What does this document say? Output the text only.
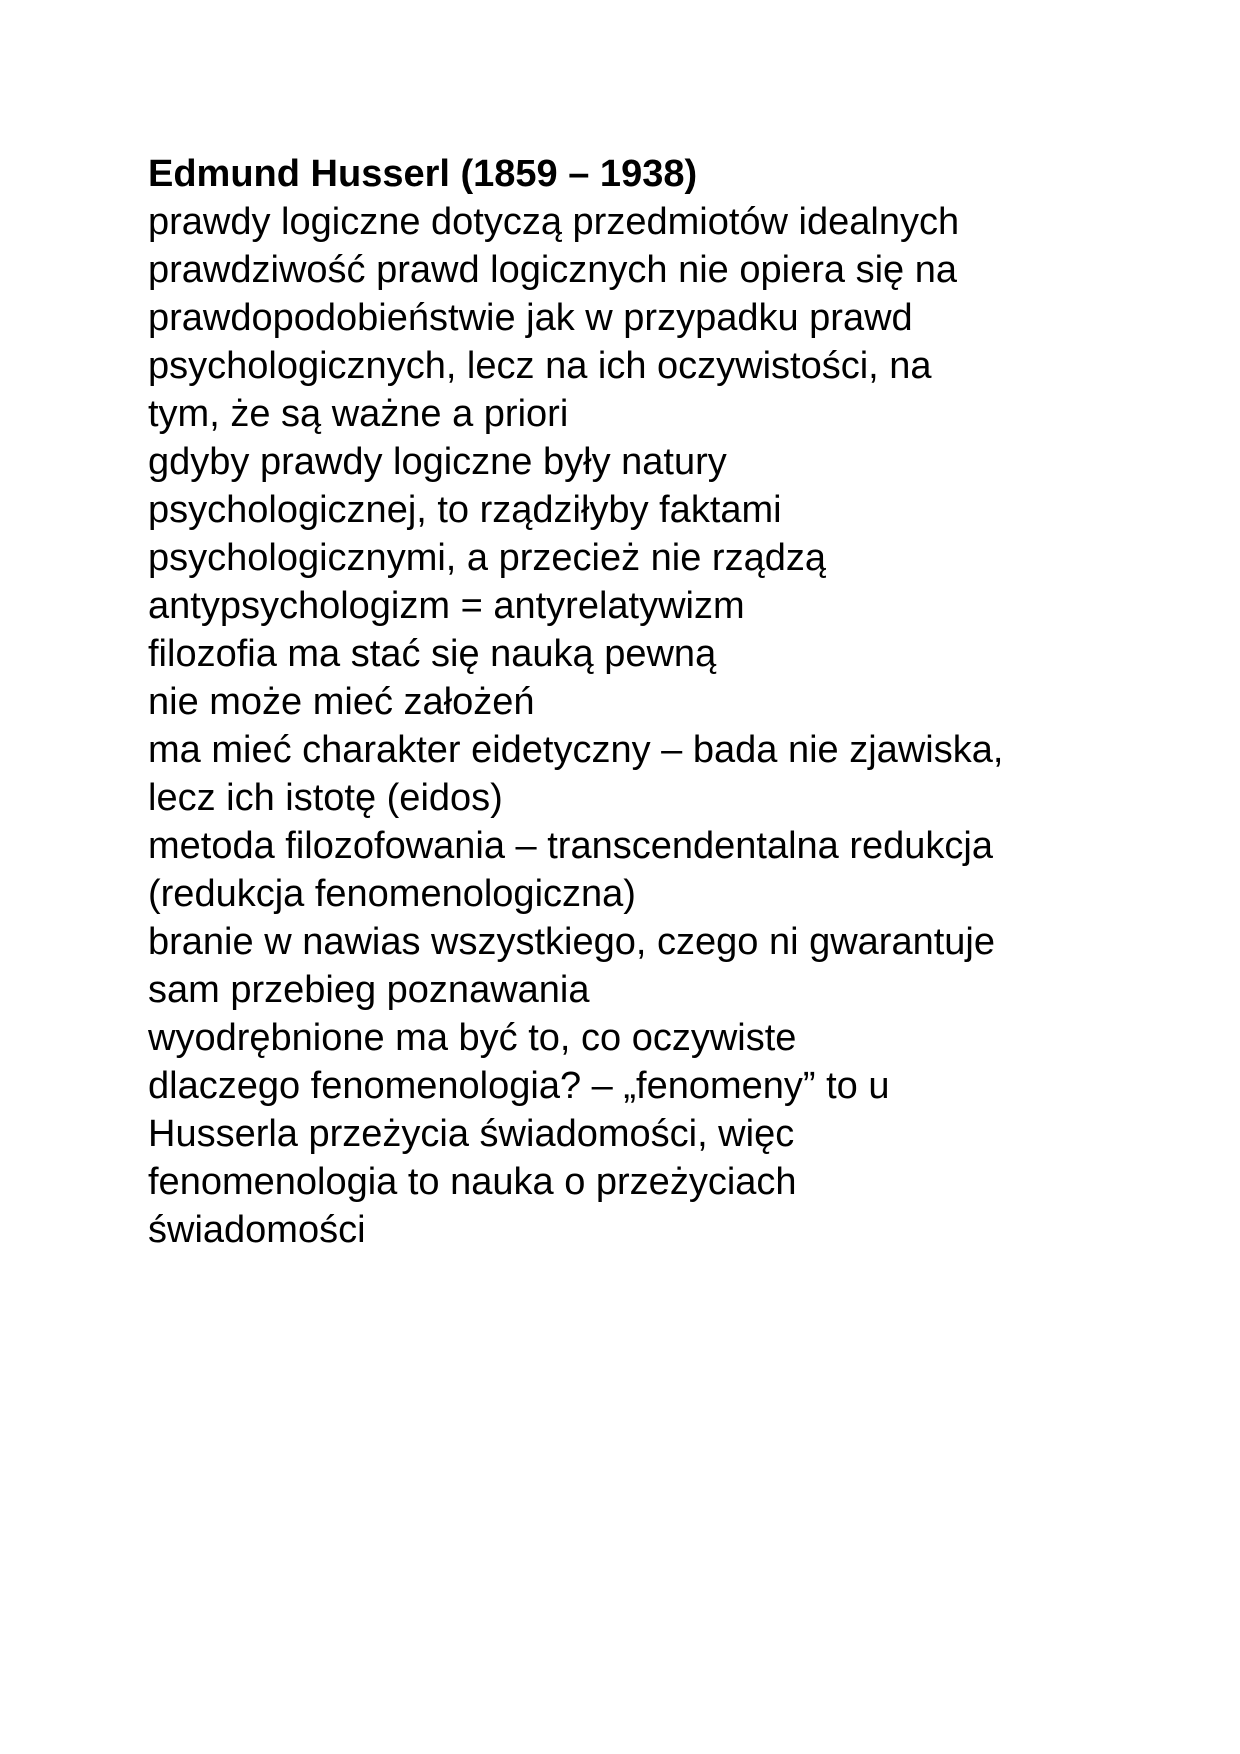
Edmund Husserl (1859 – 1938)
prawdy logiczne dotyczą przedmiotów idealnych
prawdziwość prawd logicznych nie opiera się na
prawdopodobieństwie jak w przypadku prawd
psychologicznych, lecz na ich oczywistości, na
tym, że są ważne a priori
gdyby prawdy logiczne były natury
psychologicznej, to rządziłyby faktami
psychologicznymi, a przecież nie rządzą
antypsychologizm = antyrelatywizm
filozofia ma stać się nauką pewną
nie może mieć założeń
ma mieć charakter eidetyczny – bada nie zjawiska,
lecz ich istotę (eidos)
metoda filozofowania – transcendentalna redukcja
(redukcja fenomenologiczna)
branie w nawias wszystkiego, czego ni gwarantuje
sam przebieg poznawania
wyodrębnione ma być to, co oczywiste
dlaczego fenomenologia? – „fenomeny” to u
Husserla przeżycia świadomości, więc
fenomenologia to nauka o przeżyciach
świadomości
